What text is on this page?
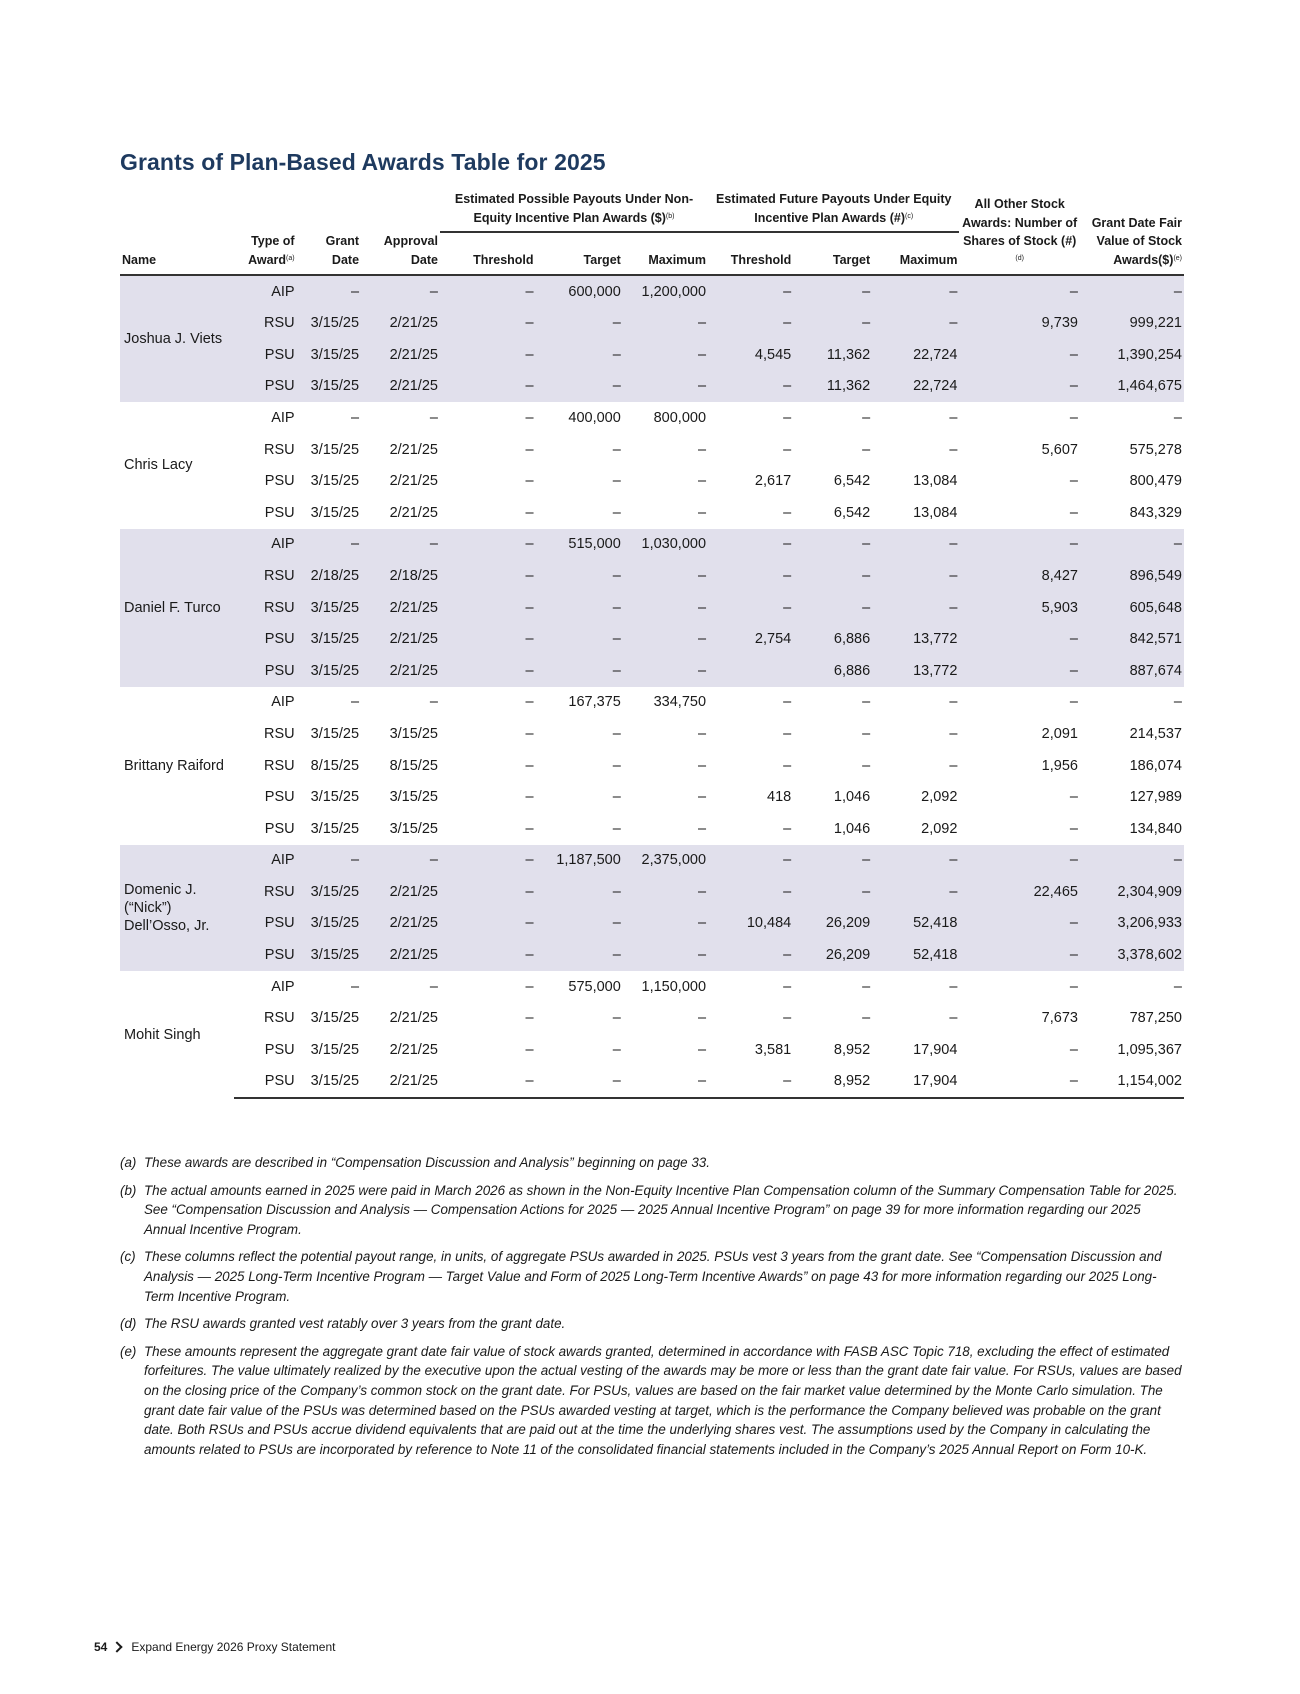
Grants of Plan-Based Awards Table for 2025
				Estimated Possible Payouts Under Non-Equity Incentive Plan Awards ($)$^{(b)}$			Estimated Future Payouts Under Equity Incentive Plan Awards (#)$^{(c)}$			All Other Stock Awards: Number of Shares of Stock (#)$^{(d)}$	Grant Date Fair Value of Stock Awards($)$^{(e)}$
Name	Type of Award$^{(a)}$	Grant Date	Approval Date	Threshold	Target	Maximum	Threshold	Target	Maximum		
Joshua J. Viets	AIP	–	–	–	600,000	1,200,000	–	–	–	–	–
	RSU	3/15/25	2/21/25	–	–	–	–	–	–	9,739	999,221
	PSU	3/15/25	2/21/25	–	–	–	4,545	11,362	22,724	–	1,390,254
	PSU	3/15/25	2/21/25	–	–	–	–	11,362	22,724	–	1,464,675
Chris Lacy	AIP	–	–	–	400,000	800,000	–	–	–	–	–
	RSU	3/15/25	2/21/25	–	–	–	–	–	–	5,607	575,278
	PSU	3/15/25	2/21/25	–	–	–	2,617	6,542	13,084	–	800,479
	PSU	3/15/25	2/21/25	–	–	–	–	6,542	13,084	–	843,329
Daniel F. Turco	AIP	–	–	–	515,000	1,030,000	–	–	–	–	–
	RSU	2/18/25	2/18/25	–	–	–	–	–	–	8,427	896,549
	RSU	3/15/25	2/21/25	–	–	–	–	–	–	5,903	605,648
	PSU	3/15/25	2/21/25	–	–	–	2,754	6,886	13,772	–	842,571
	PSU	3/15/25	2/21/25	–	–	–		6,886	13,772	–	887,674
Brittany Raiford	AIP	–	–	–	167,375	334,750	–	–	–	–	–
	RSU	3/15/25	3/15/25	–	–	–	–	–	–	2,091	214,537
	RSU	8/15/25	8/15/25	–	–	–	–	–	–	1,956	186,074
	PSU	3/15/25	3/15/25	–	–	–	418	1,046	2,092	–	127,989
	PSU	3/15/25	3/15/25	–	–	–	–	1,046	2,092	–	134,840
Domenic J. (“Nick”) Dell’Osso, Jr.	AIP	–	–	–	1,187,500	2,375,000	–	–	–	–	–
	RSU	3/15/25	2/21/25	–	–	–	–	–	–	22,465	2,304,909
	PSU	3/15/25	2/21/25	–	–	–	10,484	26,209	52,418	–	3,206,933
	PSU	3/15/25	2/21/25	–	–	–	–	26,209	52,418	–	3,378,602
Mohit Singh	AIP	–	–	–	575,000	1,150,000	–	–	–	–	–
	RSU	3/15/25	2/21/25	–	–	–	–	–	–	7,673	787,250
	PSU	3/15/25	2/21/25	–	–	–	3,581	8,952	17,904	–	1,095,367
	PSU	3/15/25	2/21/25	–	–	–	–	8,952	17,904	–	1,154,002
(a) These awards are described in “Compensation Discussion and Analysis” beginning on page 33.
(b) The actual amounts earned in 2025 were paid in March 2026 as shown in the Non-Equity Incentive Plan Compensation column of the Summary Compensation Table for 2025. See “Compensation Discussion and Analysis — Compensation Actions for 2025 — 2025 Annual Incentive Program” on page 39 for more information regarding our 2025 Annual Incentive Program.
(c) These columns reflect the potential payout range, in units, of aggregate PSUs awarded in 2025. PSUs vest 3 years from the grant date. See “Compensation Discussion and Analysis — 2025 Long-Term Incentive Program — Target Value and Form of 2025 Long-Term Incentive Awards” on page 43 for more information regarding our 2025 Long-Term Incentive Program.
(d) The RSU awards granted vest ratably over 3 years from the grant date.
(e) These amounts represent the aggregate grant date fair value of stock awards granted, determined in accordance with FASB ASC Topic 718, excluding the effect of estimated forfeitures. The value ultimately realized by the executive upon the actual vesting of the awards may be more or less than the grant date fair value. For RSUs, values are based on the closing price of the Company’s common stock on the grant date. For PSUs, values are based on the fair market value determined by the Monte Carlo simulation. The grant date fair value of the PSUs was determined based on the PSUs awarded vesting at target, which is the performance the Company believed was probable on the grant date. Both RSUs and PSUs accrue dividend equivalents that are paid out at the time the underlying shares vest. The assumptions used by the Company in calculating the amounts related to PSUs are incorporated by reference to Note 11 of the consolidated financial statements included in the Company’s 2025 Annual Report on Form 10-K.
54 Expand Energy 2026 Proxy Statement
